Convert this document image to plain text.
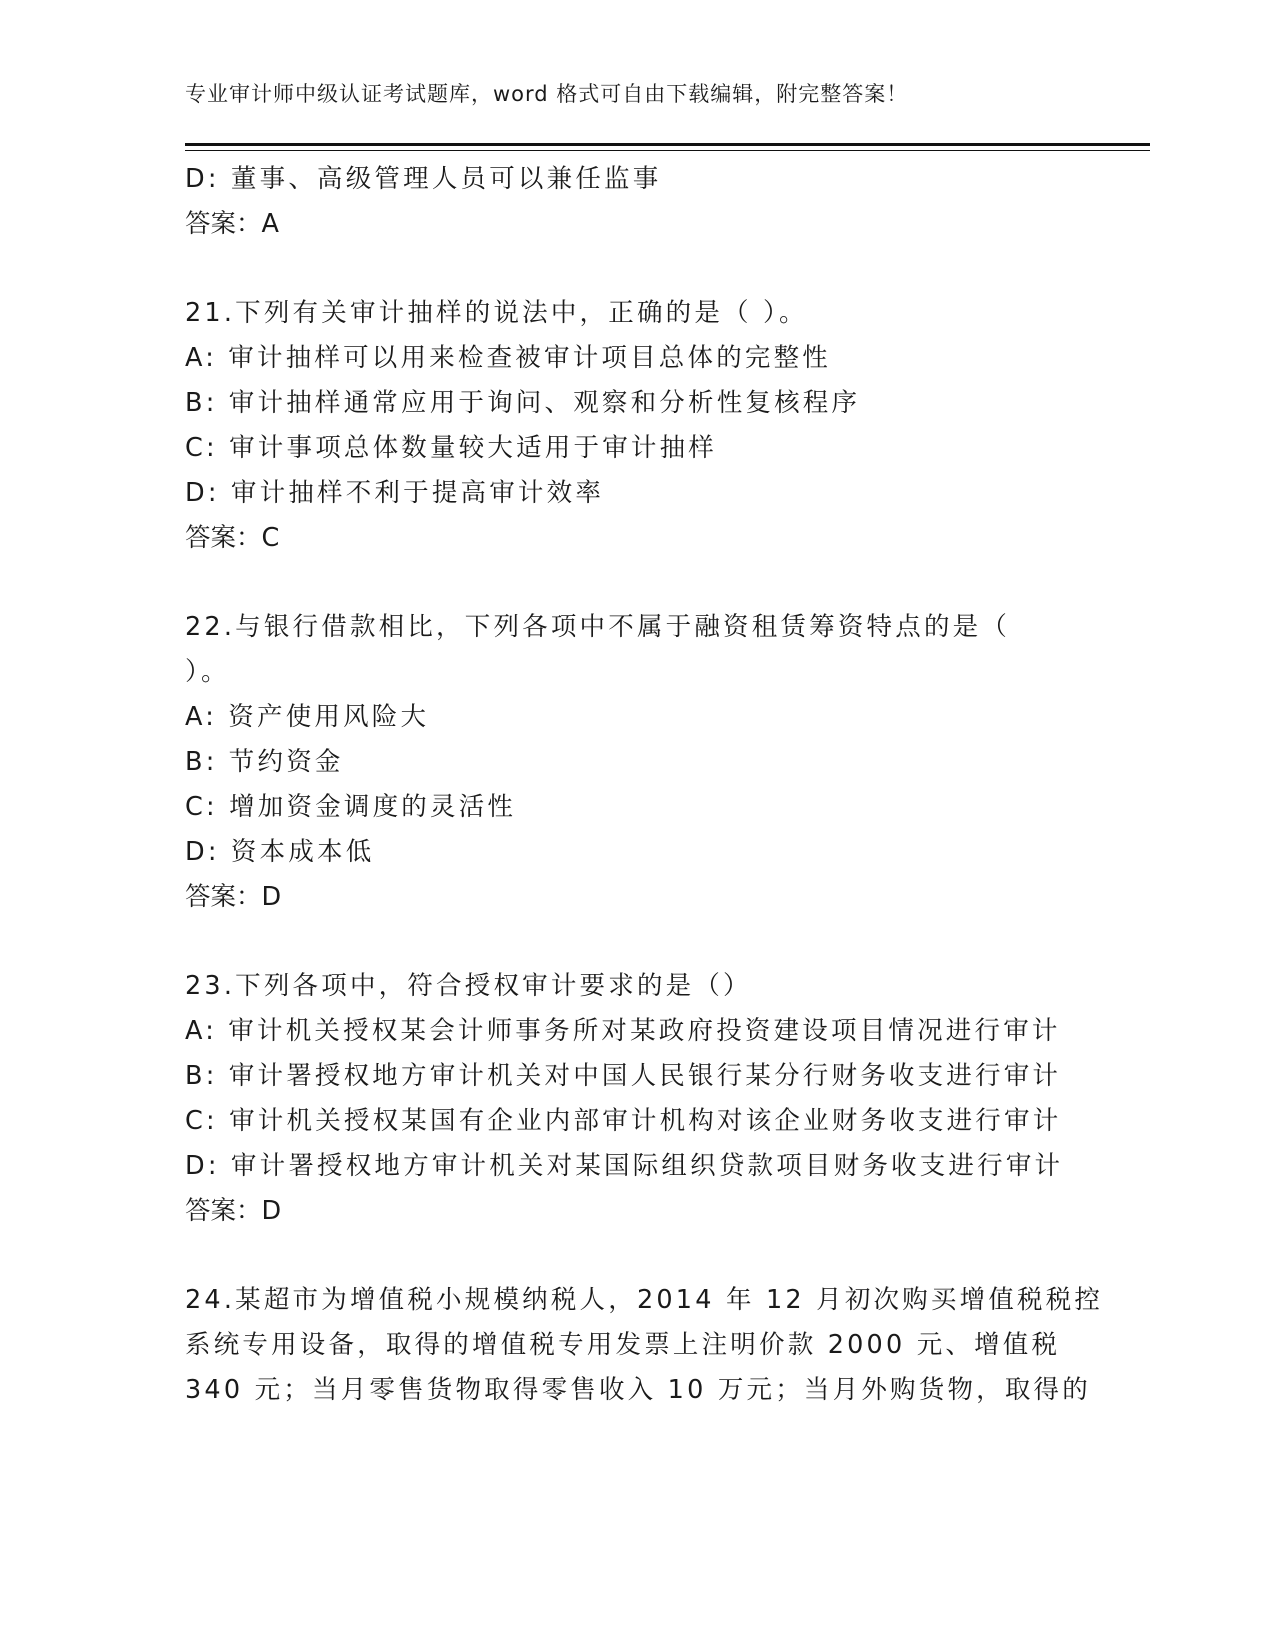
专业审计师中级认证考试题库，word 格式可自由下载编辑，附完整答案！
D: 董事、高级管理人员可以兼任监事
答案：A
21.下列有关审计抽样的说法中，正确的是（ ）。
A: 审计抽样可以用来检查被审计项目总体的完整性
B: 审计抽样通常应用于询问、观察和分析性复核程序
C: 审计事项总体数量较大适用于审计抽样
D: 审计抽样不利于提高审计效率
答案：C
22.与银行借款相比，下列各项中不属于融资租赁筹资特点的是（
）。
A: 资产使用风险大
B: 节约资金
C: 增加资金调度的灵活性
D: 资本成本低
答案：D
23.下列各项中，符合授权审计要求的是（）
A: 审计机关授权某会计师事务所对某政府投资建设项目情况进行审计
B: 审计署授权地方审计机关对中国人民银行某分行财务收支进行审计
C: 审计机关授权某国有企业内部审计机构对该企业财务收支进行审计
D: 审计署授权地方审计机关对某国际组织贷款项目财务收支进行审计
答案：D
24.某超市为增值税小规模纳税人，2014 年 12 月初次购买增值税税控
系统专用设备，取得的增值税专用发票上注明价款 2000 元、增值税
340 元；当月零售货物取得零售收入 10 万元；当月外购货物，取得的
